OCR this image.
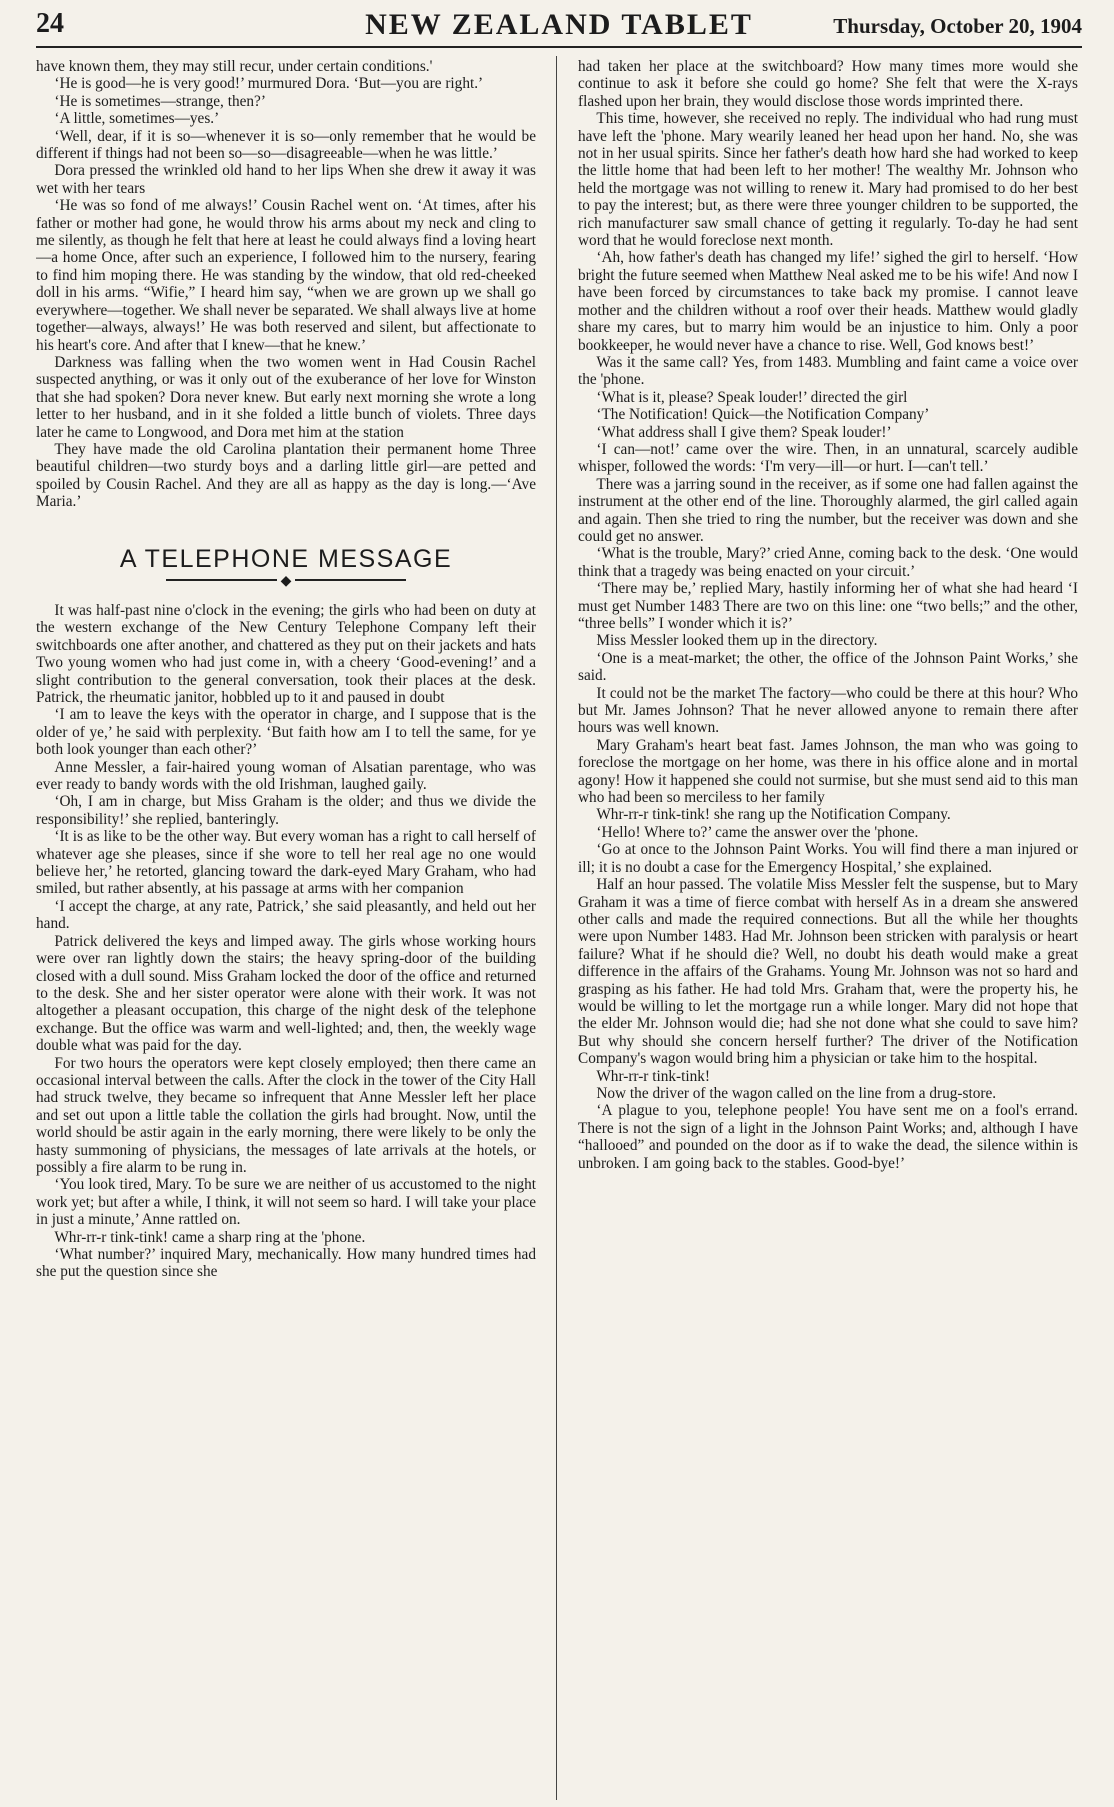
24	NEW ZEALAND TABLET	Thursday, October 20, 1904

have known them, they may still recur, under certain conditions.'

‘He is good—he is very good!’ murmured Dora. ‘But—you are right.’

‘He is sometimes—strange, then?’

‘A little, sometimes—yes.’

‘Well, dear, if it is so—whenever it is so—only remember that he would be different if things had not been so—so—disagreeable—when he was little.’

Dora pressed the wrinkled old hand to her lips When she drew it away it was wet with her tears

‘He was so fond of me always!’ Cousin Rachel went on. ‘At times, after his father or mother had gone, he would throw his arms about my neck and cling to me silently, as though he felt that here at least he could always find a loving heart—a home Once, after such an experience, I followed him to the nursery, fearing to find him moping there. He was standing by the window, that old red-cheeked doll in his arms. “Wifie,” I heard him say, “when we are grown up we shall go everywhere—together. We shall never be separated. We shall always live at home together—always, always!’ He was both reserved and silent, but affectionate to his heart's core. And after that I knew—that he knew.’

Darkness was falling when the two women went in Had Cousin Rachel suspected anything, or was it only out of the exuberance of her love for Winston that she had spoken? Dora never knew. But early next morning she wrote a long letter to her husband, and in it she folded a little bunch of violets. Three days later he came to Longwood, and Dora met him at the station

They have made the old Carolina plantation their permanent home Three beautiful children—two sturdy boys and a darling little girl—are petted and spoiled by Cousin Rachel. And they are all as happy as the day is long.—‘Ave Maria.’

A TELEPHONE MESSAGE
◆

It was half-past nine o'clock in the evening; the girls who had been on duty at the western exchange of the New Century Telephone Company left their switchboards one after another, and chattered as they put on their jackets and hats Two young women who had just come in, with a cheery ‘Good-evening!’ and a slight contribution to the general conversation, took their places at the desk. Patrick, the rheumatic janitor, hobbled up to it and paused in doubt

‘I am to leave the keys with the operator in charge, and I suppose that is the older of ye,’ he said with perplexity. ‘But faith how am I to tell the same, for ye both look younger than each other?’

Anne Messler, a fair-haired young woman of Alsatian parentage, who was ever ready to bandy words with the old Irishman, laughed gaily.

‘Oh, I am in charge, but Miss Graham is the older; and thus we divide the responsibility!’ she replied, banteringly.

‘It is as like to be the other way. But every woman has a right to call herself of whatever age she pleases, since if she wore to tell her real age no one would believe her,’ he retorted, glancing toward the dark-eyed Mary Graham, who had smiled, but rather absently, at his passage at arms with her companion

‘I accept the charge, at any rate, Patrick,’ she said pleasantly, and held out her hand.

Patrick delivered the keys and limped away. The girls whose working hours were over ran lightly down the stairs; the heavy spring-door of the building closed with a dull sound. Miss Graham locked the door of the office and returned to the desk. She and her sister operator were alone with their work. It was not altogether a pleasant occupation, this charge of the night desk of the telephone exchange. But the office was warm and well-lighted; and, then, the weekly wage double what was paid for the day.

For two hours the operators were kept closely employed; then there came an occasional interval between the calls. After the clock in the tower of the City Hall had struck twelve, they became so infrequent that Anne Messler left her place and set out upon a little table the collation the girls had brought. Now, until the world should be astir again in the early morning, there were likely to be only the hasty summoning of physicians, the messages of late arrivals at the hotels, or possibly a fire alarm to be rung in.

‘You look tired, Mary. To be sure we are neither of us accustomed to the night work yet; but after a while, I think, it will not seem so hard. I will take your place in just a minute,’ Anne rattled on.

Whr-rr-r tink-tink! came a sharp ring at the 'phone.

‘What number?’ inquired Mary, mechanically. How many hundred times had she put the question since she

had taken her place at the switchboard? How many times more would she continue to ask it before she could go home? She felt that were the X-rays flashed upon her brain, they would disclose those words imprinted there.

This time, however, she received no reply. The individual who had rung must have left the 'phone. Mary wearily leaned her head upon her hand. No, she was not in her usual spirits. Since her father's death how hard she had worked to keep the little home that had been left to her mother! The wealthy Mr. Johnson who held the mortgage was not willing to renew it. Mary had promised to do her best to pay the interest; but, as there were three younger children to be supported, the rich manufacturer saw small chance of getting it regularly. To-day he had sent word that he would foreclose next month.

‘Ah, how father's death has changed my life!’ sighed the girl to herself. ‘How bright the future seemed when Matthew Neal asked me to be his wife! And now I have been forced by circumstances to take back my promise. I cannot leave mother and the children without a roof over their heads. Matthew would gladly share my cares, but to marry him would be an injustice to him. Only a poor bookkeeper, he would never have a chance to rise. Well, God knows best!’

Was it the same call? Yes, from 1483. Mumbling and faint came a voice over the 'phone.

‘What is it, please? Speak louder!’ directed the girl

‘The Notification! Quick—the Notification Company’

‘What address shall I give them? Speak louder!’

‘I can—not!’ came over the wire. Then, in an unnatural, scarcely audible whisper, followed the words: ‘I'm very—ill—or hurt. I—can't tell.’

There was a jarring sound in the receiver, as if some one had fallen against the instrument at the other end of the line. Thoroughly alarmed, the girl called again and again. Then she tried to ring the number, but the receiver was down and she could get no answer.

‘What is the trouble, Mary?’ cried Anne, coming back to the desk. ‘One would think that a tragedy was being enacted on your circuit.’

‘There may be,’ replied Mary, hastily informing her of what she had heard ‘I must get Number 1483 There are two on this line: one “two bells;” and the other, “three bells” I wonder which it is?’

Miss Messler looked them up in the directory.

‘One is a meat-market; the other, the office of the Johnson Paint Works,’ she said.

It could not be the market The factory—who could be there at this hour? Who but Mr. James Johnson? That he never allowed anyone to remain there after hours was well known.

Mary Graham's heart beat fast. James Johnson, the man who was going to foreclose the mortgage on her home, was there in his office alone and in mortal agony! How it happened she could not surmise, but she must send aid to this man who had been so merciless to her family

Whr-rr-r tink-tink! she rang up the Notification Company.

‘Hello! Where to?’ came the answer over the 'phone.

‘Go at once to the Johnson Paint Works. You will find there a man injured or ill; it is no doubt a case for the Emergency Hospital,’ she explained.

Half an hour passed. The volatile Miss Messler felt the suspense, but to Mary Graham it was a time of fierce combat with herself As in a dream she answered other calls and made the required connections. But all the while her thoughts were upon Number 1483. Had Mr. Johnson been stricken with paralysis or heart failure? What if he should die? Well, no doubt his death would make a great difference in the affairs of the Grahams. Young Mr. Johnson was not so hard and grasping as his father. He had told Mrs. Graham that, were the property his, he would be willing to let the mortgage run a while longer. Mary did not hope that the elder Mr. Johnson would die; had she not done what she could to save him? But why should she concern herself further? The driver of the Notification Company's wagon would bring him a physician or take him to the hospital.

Whr-rr-r tink-tink!

Now the driver of the wagon called on the line from a drug-store.

‘A plague to you, telephone people! You have sent me on a fool's errand. There is not the sign of a light in the Johnson Paint Works; and, although I have “hallooed” and pounded on the door as if to wake the dead, the silence within is unbroken. I am going back to the stables. Good-bye!’
